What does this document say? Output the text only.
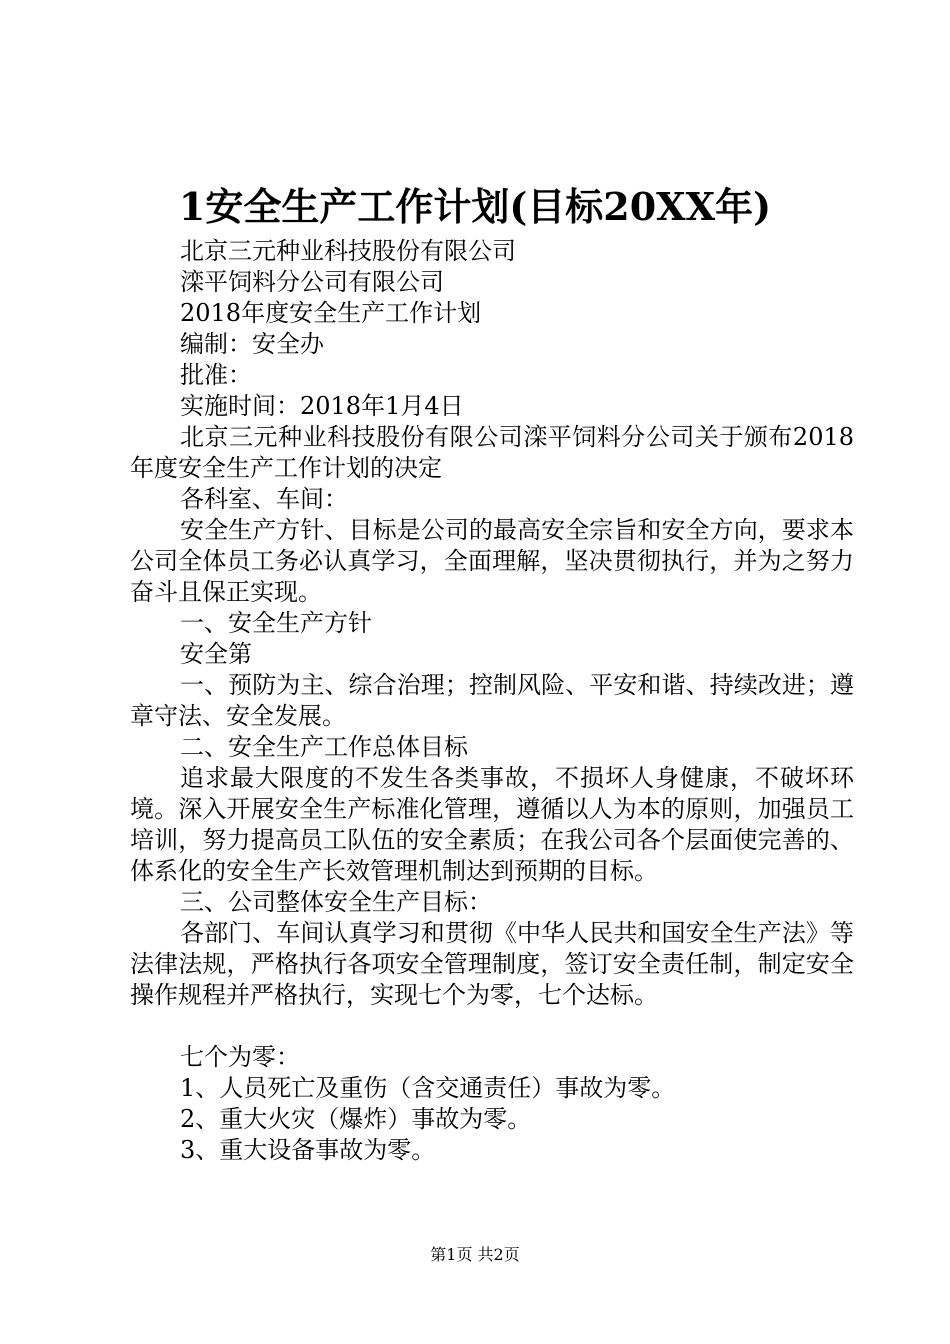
1安全生产工作计划(目标20XX年)

北京三元种业科技股份有限公司

滦平饲料分公司有限公司

2018年度安全生产工作计划

编制：安全办

批准：

实施时间：2018年1月4日

北京三元种业科技股份有限公司滦平饲料分公司关于颁布2018年度安全生产工作计划的决定

各科室、车间：

安全生产方针、目标是公司的最高安全宗旨和安全方向，要求本公司全体员工务必认真学习，全面理解，坚决贯彻执行，并为之努力奋斗且保正实现。

一、安全生产方针

安全第

一、预防为主、综合治理；控制风险、平安和谐、持续改进；遵章守法、安全发展。

二、安全生产工作总体目标

追求最大限度的不发生各类事故，不损坏人身健康，不破坏环境。深入开展安全生产标准化管理，遵循以人为本的原则，加强员工培训，努力提高员工队伍的安全素质；在我公司各个层面使完善的、体系化的安全生产长效管理机制达到预期的目标。

三、公司整体安全生产目标：

各部门、车间认真学习和贯彻《中华人民共和国安全生产法》等法律法规，严格执行各项安全管理制度，签订安全责任制，制定安全操作规程并严格执行，实现七个为零，七个达标。

七个为零：

1、人员死亡及重伤（含交通责任）事故为零。

2、重大火灾（爆炸）事故为零。

3、重大设备事故为零。

第1页 共2页
